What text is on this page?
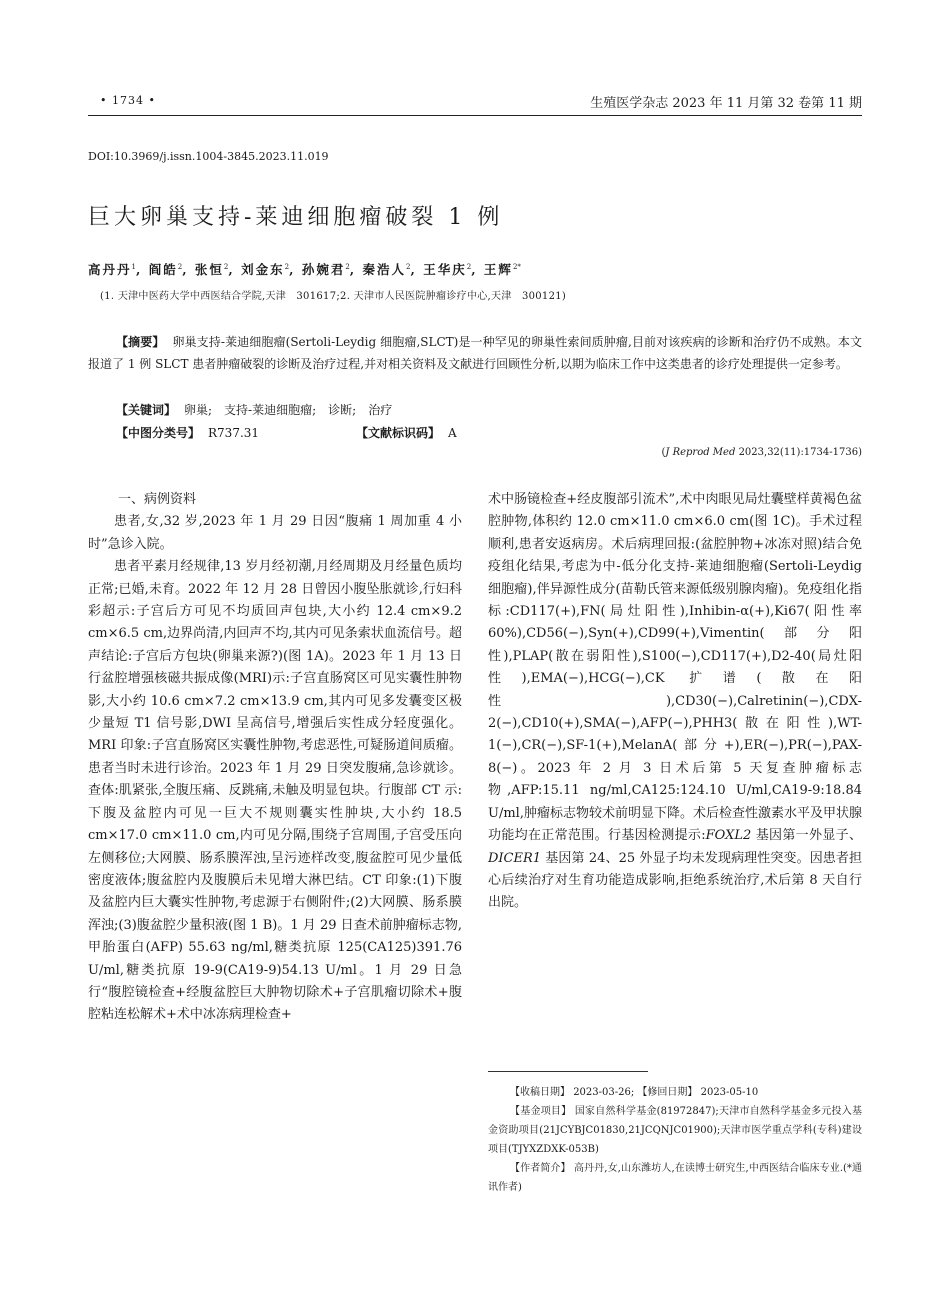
• 1734 •	生殖医学杂志 2023 年 11 月第 32 卷第 11 期
DOI:10.3969/j.issn.1004-3845.2023.11.019
巨大卵巢支持-莱迪细胞瘤破裂 1 例
高丹丹$^1$, 阎皓$^2$, 张恒$^2$, 刘金东$^2$, 孙婉君$^2$, 秦浩人$^2$, 王华庆$^2$, 王辉$^{2*}$
(1. 天津中医药大学中西医结合学院,天津　301617;2. 天津市人民医院肿瘤诊疗中心,天津　300121)
【摘要】 卵巢支持-莱迪细胞瘤(Sertoli-Leydig 细胞瘤,SLCT)是一种罕见的卵巢性索间质肿瘤,目前对该疾病的诊断和治疗仍不成熟。本文报道了 1 例 SLCT 患者肿瘤破裂的诊断及治疗过程,并对相关资料及文献进行回顾性分析,以期为临床工作中这类患者的诊疗处理提供一定参考。
【关键词】 卵巢;　支持-莱迪细胞瘤;　诊断;　治疗
【中图分类号】 R737.31	【文献标识码】 A
(J Reprod Med 2023,32(11):1734-1736)

一、病例资料

患者,女,32 岁,2023 年 1 月 29 日因“腹痛 1 周加重 4 小时”急诊入院。

患者平素月经规律,13 岁月经初潮,月经周期及月经量色质均正常;已婚,未育。2022 年 12 月 28 日曾因小腹坠胀就诊,行妇科彩超示:子宫后方可见不均质回声包块,大小约 12.4 cm×9.2 cm×6.5 cm,边界尚清,内回声不均,其内可见条索状血流信号。超声结论:子宫后方包块(卵巢来源?)(图 1A)。2023 年 1 月 13 日行盆腔增强核磁共振成像(MRI)示:子宫直肠窝区可见实囊性肿物影,大小约 10.6 cm×7.2 cm×13.9 cm,其内可见多发囊变区极少量短 T1 信号影,DWI 呈高信号,增强后实性成分轻度强化。MRI 印象:子宫直肠窝区实囊性肿物,考虑恶性,可疑肠道间质瘤。患者当时未进行诊治。2023 年 1 月 29 日突发腹痛,急诊就诊。查体:肌紧张,全腹压痛、反跳痛,未触及明显包块。行腹部 CT 示:下腹及盆腔内可见一巨大不规则囊实性肿块,大小约 18.5 cm×17.0 cm×11.0 cm,内可见分隔,围绕子宫周围,子宫受压向左侧移位;大网膜、肠系膜浑浊,呈污迹样改变,腹盆腔可见少量低密度液体;腹盆腔内及腹膜后未见增大淋巴结。CT 印象:(1)下腹及盆腔内巨大囊实性肿物,考虑源于右侧附件;(2)大网膜、肠系膜浑浊;(3)腹盆腔少量积液(图 1 B)。1 月 29 日查术前肿瘤标志物,甲胎蛋白(AFP) 55.63 ng/ml,糖类抗原 125(CA125)391.76 U/ml,糖类抗原 19-9(CA19-9)54.13 U/ml。1 月 29 日急行“腹腔镜检查+经腹盆腔巨大肿物切除术+子宫肌瘤切除术+腹腔粘连松解术+术中冰冻病理检查+

术中肠镜检查+经皮腹部引流术”,术中肉眼见局灶囊壁样黄褐色盆腔肿物,体积约 12.0 cm×11.0 cm×6.0 cm(图 1C)。手术过程顺利,患者安返病房。术后病理回报:(盆腔肿物+冰冻对照)结合免疫组化结果,考虑为中-低分化支持-莱迪细胞瘤(Sertoli-Leydig 细胞瘤),伴异源性成分(苗勒氏管来源低级别腺肉瘤)。免疫组化指标:CD117(+),FN(局灶阳性),Inhibin-α(+),Ki67(阳性率 60%),CD56(−),Syn(+),CD99(+),Vimentin(部分阳性),PLAP(散在弱阳性),S100(−),CD117(+),D2-40(局灶阳性),EMA(−),HCG(−),CK 扩谱(散在阳性),CD30(−),Calretinin(−),CDX-2(−),CD10(+),SMA(−),AFP(−),PHH3(散在阳性),WT-1(−),CR(−),SF-1(+),MelanA(部分+),ER(−),PR(−),PAX-8(−)。2023 年 2 月 3 日术后第 5 天复查肿瘤标志物,AFP:15.11 ng/ml,CA125:124.10 U/ml,CA19-9:18.84 U/ml,肿瘤标志物较术前明显下降。术后检查性激素水平及甲状腺功能均在正常范围。行基因检测提示:FOXL2 基因第一外显子、DICER1 基因第 24、25 外显子均未发现病理性突变。因患者担心后续治疗对生育功能造成影响,拒绝系统治疗,术后第 8 天自行出院。

【收稿日期】 2023-03-26; 【修回日期】 2023-05-10

【基金项目】 国家自然科学基金(81972847);天津市自然科学基金多元投入基金资助项目(21JCYBJC01830,21JCQNJC01900);天津市医学重点学科(专科)建设项目(TJYXZDXK-053B)

【作者简介】 高丹丹,女,山东潍坊人,在读博士研究生,中西医结合临床专业.(*通讯作者)
